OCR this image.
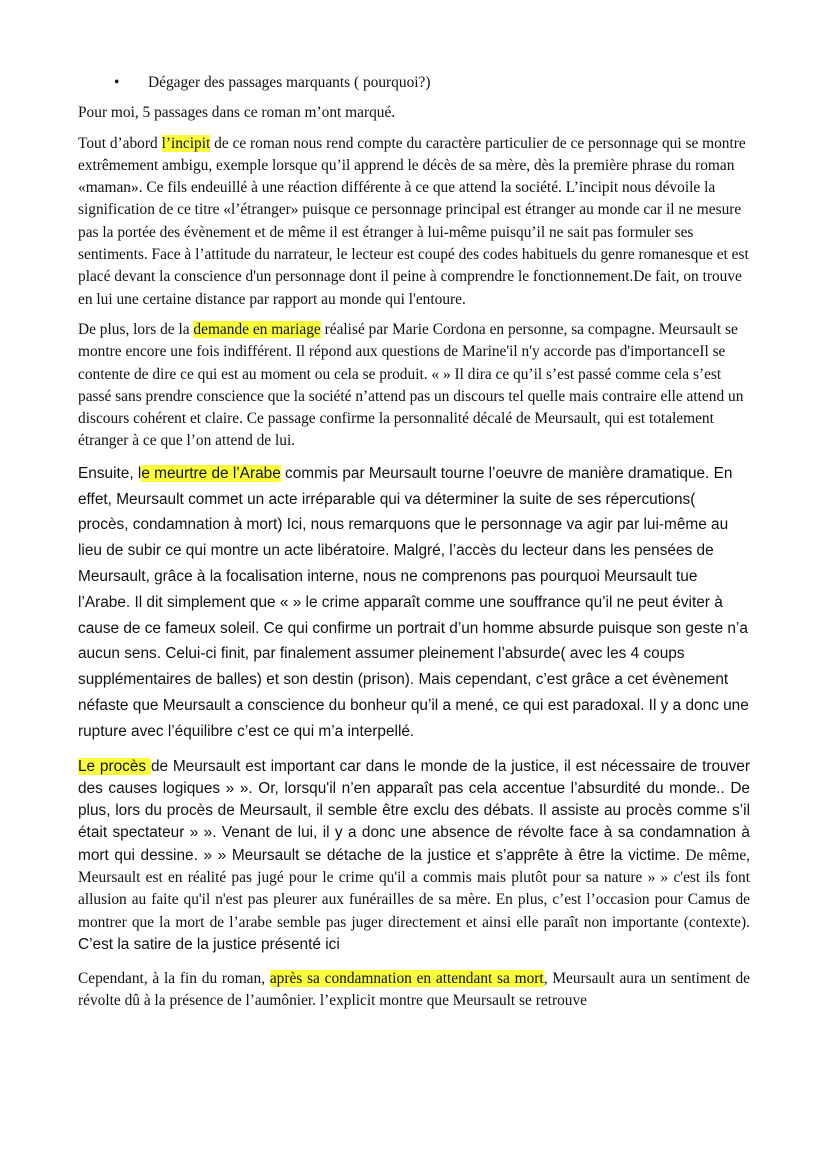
• Dégager des passages marquants ( pourquoi?)

Pour moi, 5 passages dans ce roman m’ont marqué.

Tout d’abord l’incipit de ce roman nous rend compte du caractère particulier de ce personnage qui se montre extrêmement ambigu, exemple lorsque qu’il apprend le décès de sa mère, dès la première phrase du roman «maman». Ce fils endeuillé à une réaction différente à ce que attend la société. L’incipit nous dévoile la signification de ce titre «l’étranger» puisque ce personnage principal est étranger au monde car il ne mesure pas la portée des évènement et de même il est étranger à lui-même puisqu’il ne sait pas formuler ses sentiments. Face à l’attitude du narrateur, le lecteur est coupé des codes habituels du genre romanesque et est placé devant la conscience d'un personnage dont il peine à comprendre le fonctionnement.De fait, on trouve en lui une certaine distance par rapport au monde qui l'entoure.

De plus, lors de la demande en mariage réalisé par Marie Cordona en personne, sa compagne. Meursault se montre encore une fois indifférent. Il répond aux questions de Marine'il n'y accorde pas d'importanceIl se contente de dire ce qui est au moment ou cela se produit. « » Il dira ce qu’il s’est passé comme cela s’est passé sans prendre conscience que la société n’attend pas un discours tel quelle mais contraire elle attend un discours cohérent et claire. Ce passage confirme la personnalité décalé de Meursault, qui est totalement étranger à ce que l’on attend de lui.

Ensuite, le meurtre de l’Arabe commis par Meursault tourne l’oeuvre de manière dramatique. En effet, Meursault commet un acte irréparable qui va déterminer la suite de ses répercutions( procès, condamnation à mort) Ici, nous remarquons que le personnage va agir par lui-même au lieu de subir ce qui montre un acte libératoire. Malgré, l’accès du lecteur dans les pensées de Meursault, grâce à la focalisation interne, nous ne comprenons pas pourquoi Meursault tue l’Arabe. Il dit simplement que « » le crime apparaît comme une souffrance qu’il ne peut éviter à cause de ce fameux soleil. Ce qui confirme un portrait d’un homme absurde puisque son geste n’a aucun sens. Celui-ci finit, par finalement assumer pleinement l’absurde( avec les 4 coups supplémentaires de balles) et son destin (prison). Mais cependant, c’est grâce a cet évènement néfaste que Meursault a conscience du bonheur qu’il a mené, ce qui est paradoxal. Il y a donc une rupture avec l’équilibre c’est ce qui m’a interpellé.

Le procès de Meursault est important car dans le monde de la justice, il est nécessaire de trouver des causes logiques » ». Or, lorsqu'il n’en apparaît pas cela accentue l’absurdité du monde.. De plus, lors du procès de Meursault, il semble être exclu des débats. Il assiste au procès comme s’il était spectateur » ». Venant de lui, il y a donc une absence de révolte face à sa condamnation à mort qui dessine. » » Meursault se détache de la justice et s’apprête à être la victime. De même, Meursault est en réalité pas jugé pour le crime qu'il a commis mais plutôt pour sa nature » » c'est ils font allusion au faite qu'il n'est pas pleurer aux funérailles de sa mère. En plus, c’est l’occasion pour Camus de montrer que la mort de l’arabe semble pas juger directement et ainsi elle paraît non importante (contexte). C’est la satire de la justice présenté ici

Cependant, à la fin du roman, après sa condamnation en attendant sa mort, Meursault aura un sentiment de révolte dû à la présence de l’aumônier. l’explicit montre que Meursault se retrouve
